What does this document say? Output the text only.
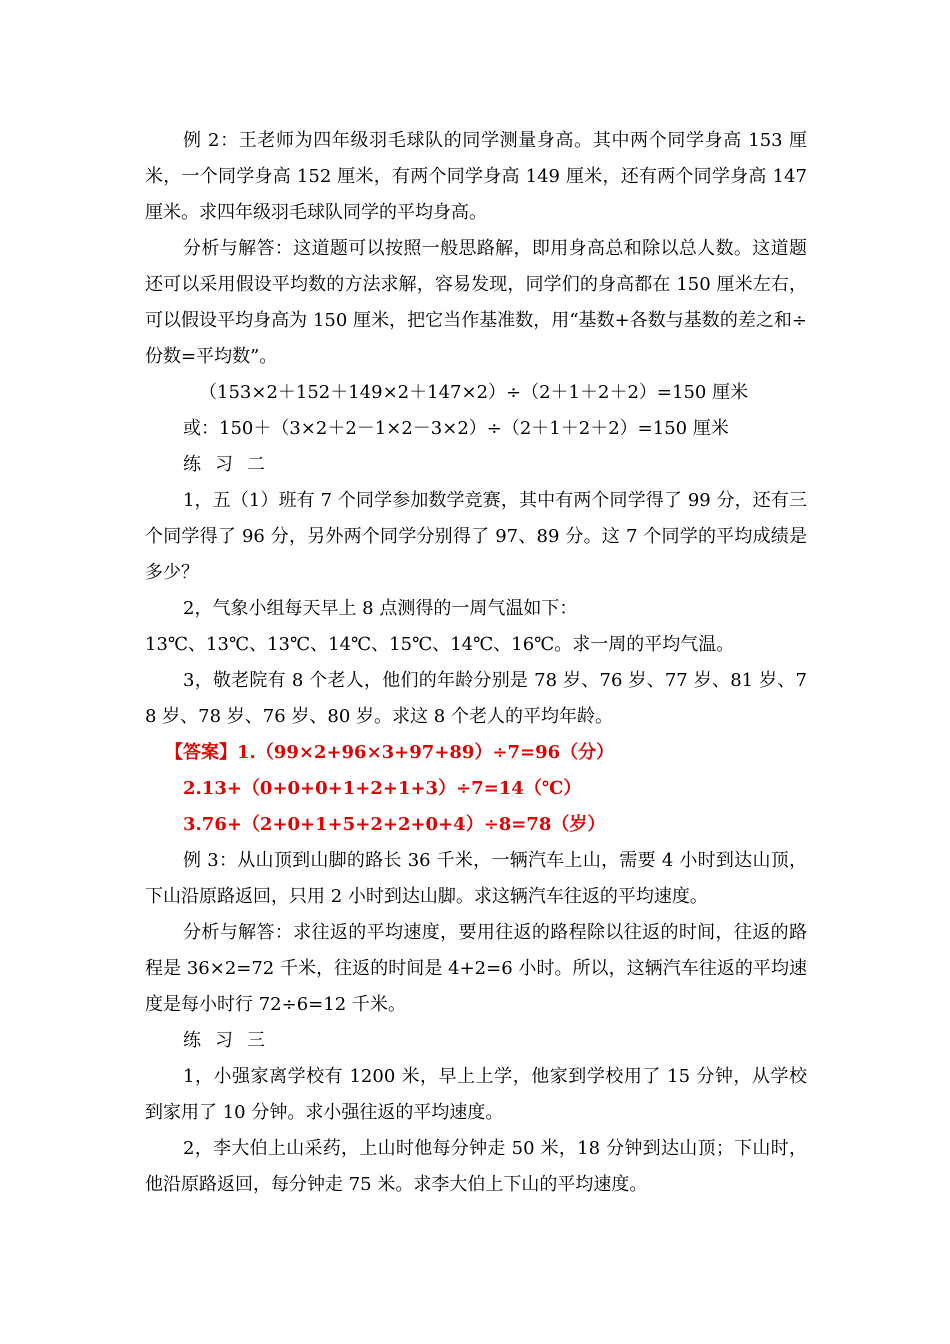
例 2：王老师为四年级羽毛球队的同学测量身高。其中两个同学身高 153 厘米，一个同学身高 152 厘米，有两个同学身高 149 厘米，还有两个同学身高 147 厘米。求四年级羽毛球队同学的平均身高。

分析与解答：这道题可以按照一般思路解，即用身高总和除以总人数。这道题还可以采用假设平均数的方法求解，容易发现，同学们的身高都在 150 厘米左右，可以假设平均身高为 150 厘米，把它当作基准数，用“基数+各数与基数的差之和÷份数=平均数”。

（153×2＋152＋149×2＋147×2）÷（2＋1＋2＋2）=150 厘米

或：150＋（3×2＋2－1×2－3×2）÷（2＋1＋2＋2）=150 厘米

练习二

1，五（1）班有 7 个同学参加数学竞赛，其中有两个同学得了 99 分，还有三个同学得了 96 分，另外两个同学分别得了 97、89 分。这 7 个同学的平均成绩是多少？

2，气象小组每天早上 8 点测得的一周气温如下：

13℃、13℃、13℃、14℃、15℃、14℃、16℃。求一周的平均气温。

3，敬老院有 8 个老人，他们的年龄分别是 78 岁、76 岁、77 岁、81 岁、78 岁、78 岁、76 岁、80 岁。求这 8 个老人的平均年龄。

【答案】1.（99×2+96×3+97+89）÷7=96（分）

2.13+（0+0+0+1+2+1+3）÷7=14（℃）

3.76+（2+0+1+5+2+2+0+4）÷8=78（岁）

例 3：从山顶到山脚的路长 36 千米，一辆汽车上山，需要 4 小时到达山顶，下山沿原路返回，只用 2 小时到达山脚。求这辆汽车往返的平均速度。

分析与解答：求往返的平均速度，要用往返的路程除以往返的时间，往返的路程是 36×2=72 千米，往返的时间是 4+2=6 小时。所以，这辆汽车往返的平均速度是每小时行 72÷6=12 千米。

练习三

1，小强家离学校有 1200 米，早上上学，他家到学校用了 15 分钟，从学校到家用了 10 分钟。求小强往返的平均速度。

2，李大伯上山采药，上山时他每分钟走 50 米，18 分钟到达山顶；下山时，他沿原路返回，每分钟走 75 米。求李大伯上下山的平均速度。
